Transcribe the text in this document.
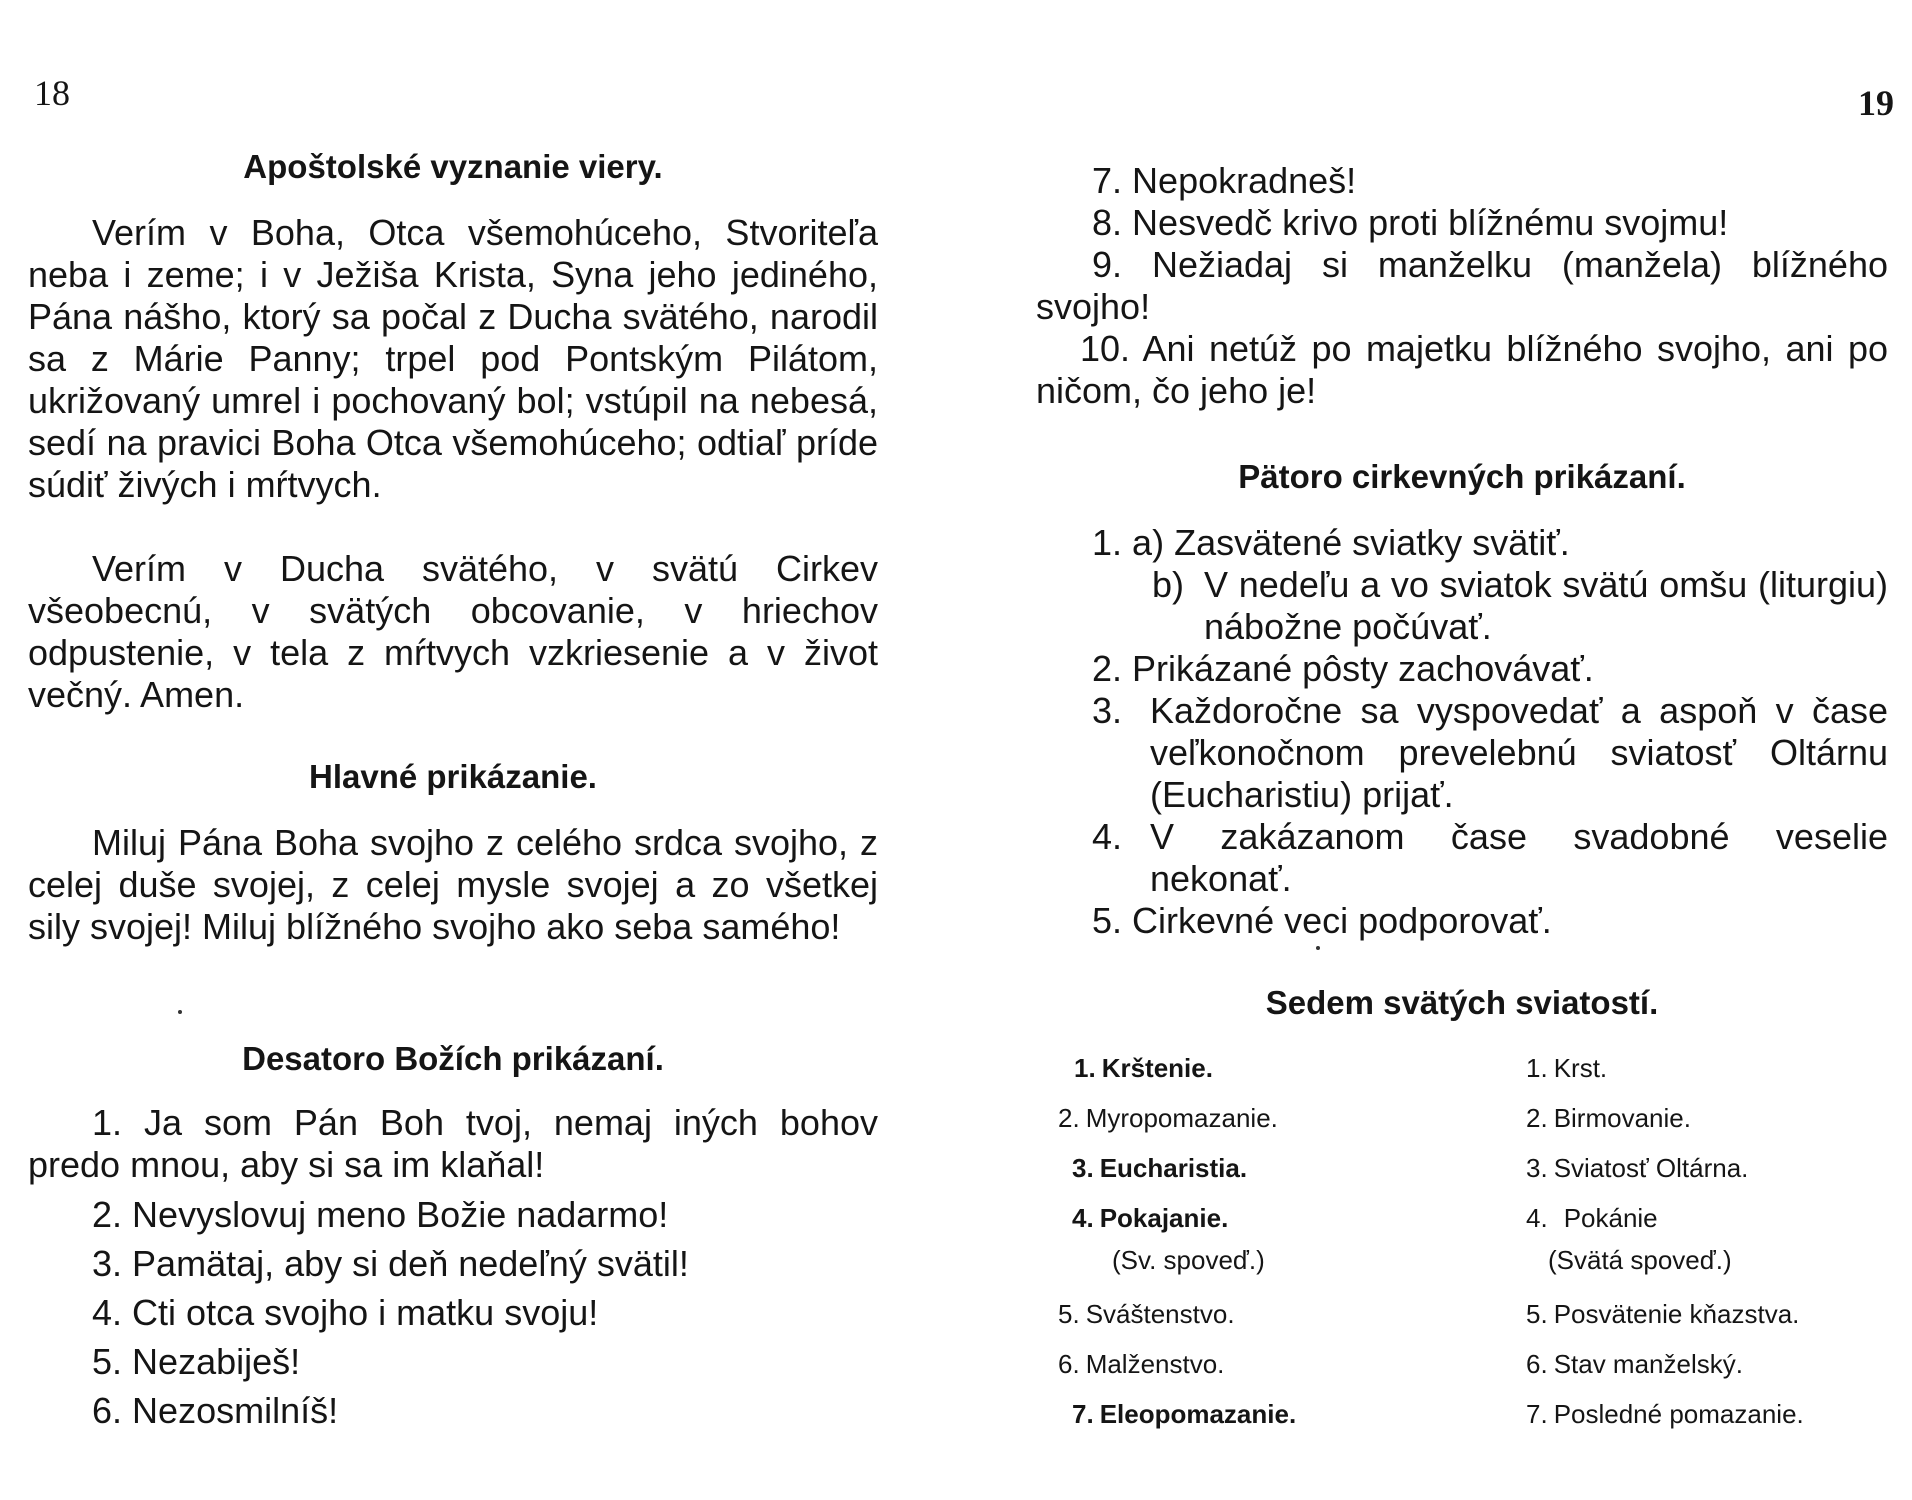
18
Apoštolské vyznanie viery.

Verím v Boha, Otca všemohúceho, Stvoriteľa neba i zeme; i v Ježiša Krista, Syna jeho jediného, Pána nášho, ktorý sa počal z Ducha svätého, narodil sa z Márie Panny; trpel pod Pontským Pilátom, ukrižovaný umrel i pochovaný bol; vstúpil na nebesá, sedí na pravici Boha Otca všemohúceho; odtiaľ príde súdiť živých i mŕtvych.

Verím v Ducha svätého, v svätú Cirkev všeobecnú, v svätých obcovanie, v hriechov odpustenie, v tela z mŕtvych vzkriesenie a v život večný. Amen.

Hlavné prikázanie.

Miluj Pána Boha svojho z celého srdca svojho, z celej duše svojej, z celej mysle svojej a zo všetkej sily svojej! Miluj blížného svojho ako seba samého!

Desatoro Božích prikázaní.

1. Ja som Pán Boh tvoj, nemaj iných bohov predo mnou, aby si sa im klaňal!

2. Nevyslovuj meno Božie nadarmo!
3. Pamätaj, aby si deň nedeľný svätil!
4. Cti otca svojho i matku svoju!
5. Nezabiješ!
6. Nezosmilníš!
19
7. Nepokradneš!
8. Nesvedč krivo proti blížnému svojmu!

9. Nežiadaj si manželku (manžela) blížného svojho!

10. Ani netúž po majetku blížného svojho, ani po ničom, čo jeho je!

Pätoro cirkevných prikázaní.
1. a) Zasvätené sviatky svätiť.
b) V nedeľu a vo sviatok svätú omšu (liturgiu) nábožne počúvať.

2. Prikázané pôsty zachovávať.
3. Každoročne sa vyspovedať a aspoň v čase veľkonočnom prevelebnú sviatosť Oltárnu (Eucharistiu) prijať.

4. V zakázanom čase svadobné veselie nekonať.

5. Cirkevné veci podporovať.
Sedem svätých sviatostí.
1. Krštenie.
2. Myropomazanie.
3. Eucharistia.
4. Pokajanie.
(Sv. spoveď.)
5. Sváštenstvo.
6. Malženstvo.
7. Eleopomazanie.
1. Krst.
2. Birmovanie.
3. Sviatosť Oltárna.
4. Pokánie
(Svätá spoveď.)
5. Posvätenie kňazstva.
6. Stav manželský.
7. Posledné pomazanie.
